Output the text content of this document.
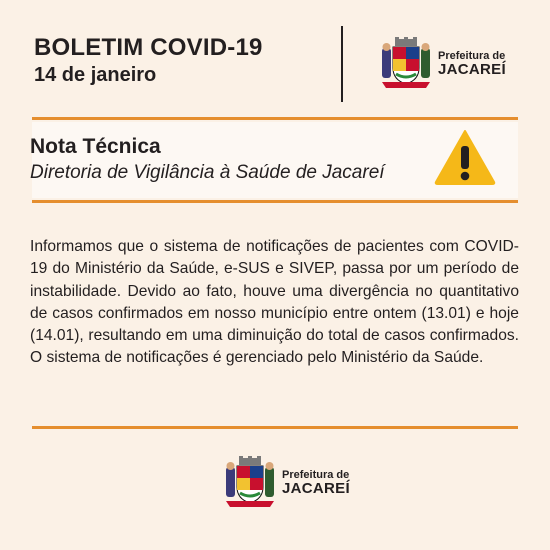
BOLETIM COVID-19
14 de janeiro
Prefeitura de
JACAREÍ
Nota Técnica
Diretoria de Vigilância à Saúde de Jacareí
Informamos que o sistema de notificações de pacientes com COVID-19 do Ministério da Saúde, e-SUS e SIVEP, passa por um período de instabilidade. Devido ao fato, houve uma divergência no quantitativo de casos confirmados em nosso município entre ontem (13.01) e hoje (14.01), resultando em uma diminuição do total de casos confirmados. O sistema de notificações é gerenciado pelo Ministério da Saúde.
Prefeitura de
JACAREÍ
